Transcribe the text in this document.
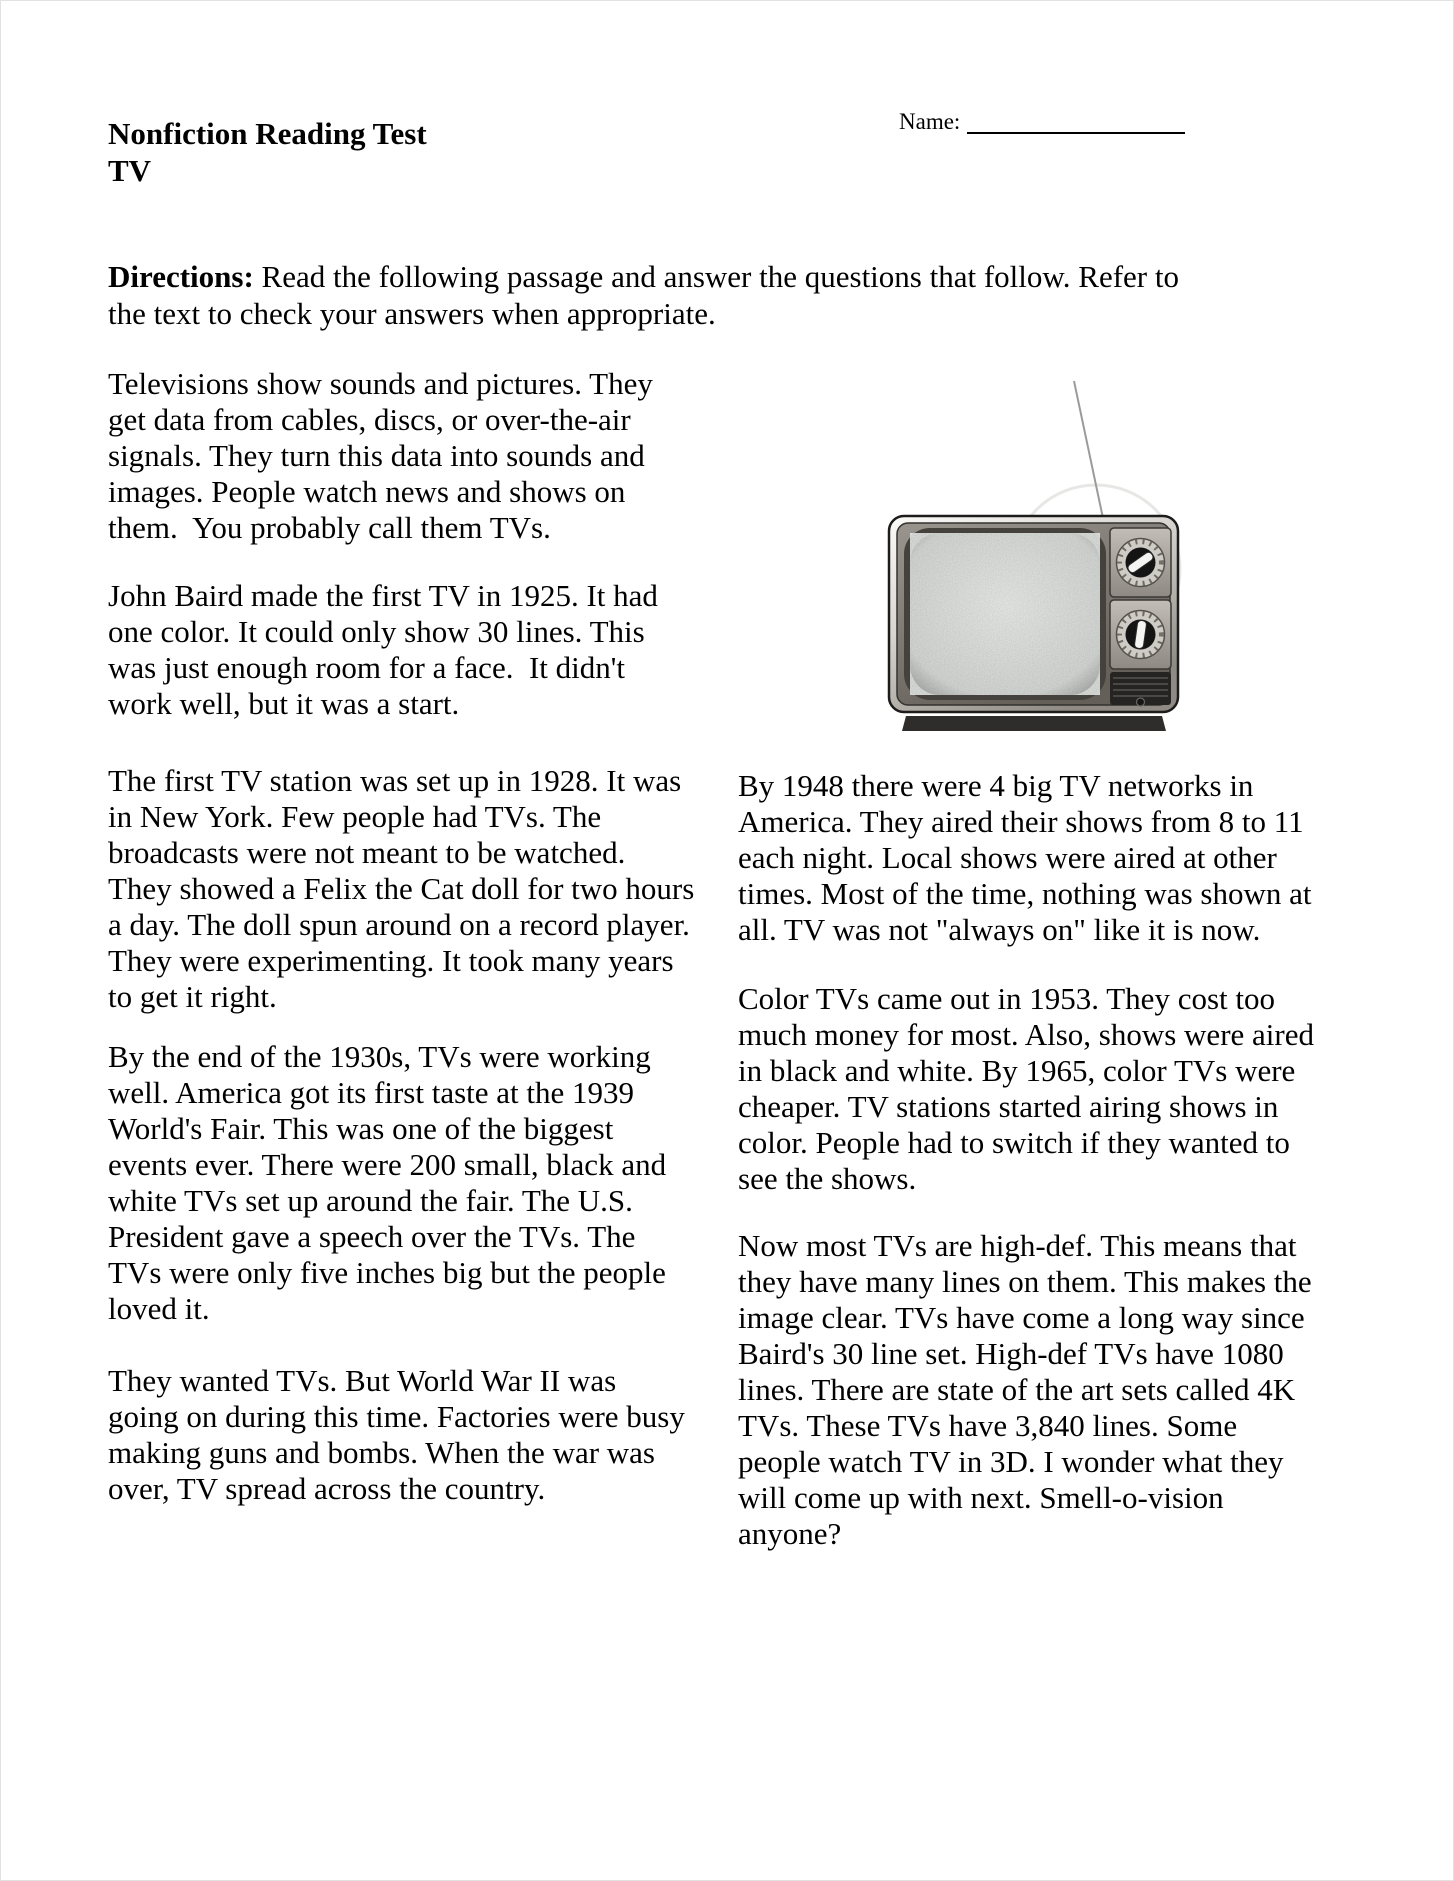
Name:
Nonfiction Reading Test
TV
Directions: Read the following passage and answer the questions that follow. Refer to
the text to check your answers when appropriate.
Televisions show sounds and pictures. They
get data from cables, discs, or over-the-air
signals. They turn this data into sounds and
images. People watch news and shows on
them.  You probably call them TVs.
John Baird made the first TV in 1925. It had
one color. It could only show 30 lines. This
was just enough room for a face.  It didn't
work well, but it was a start.
The first TV station was set up in 1928. It was
in New York. Few people had TVs. The
broadcasts were not meant to be watched.
They showed a Felix the Cat doll for two hours
a day. The doll spun around on a record player.
They were experimenting. It took many years
to get it right.
By the end of the 1930s, TVs were working
well. America got its first taste at the 1939
World's Fair. This was one of the biggest
events ever. There were 200 small, black and
white TVs set up around the fair. The U.S.
President gave a speech over the TVs. The
TVs were only five inches big but the people
loved it.
They wanted TVs. But World War II was
going on during this time. Factories were busy
making guns and bombs. When the war was
over, TV spread across the country.
By 1948 there were 4 big TV networks in
America. They aired their shows from 8 to 11
each night. Local shows were aired at other
times. Most of the time, nothing was shown at
all. TV was not "always on" like it is now.
Color TVs came out in 1953. They cost too
much money for most. Also, shows were aired
in black and white. By 1965, color TVs were
cheaper. TV stations started airing shows in
color. People had to switch if they wanted to
see the shows.
Now most TVs are high-def. This means that
they have many lines on them. This makes the
image clear. TVs have come a long way since
Baird's 30 line set. High-def TVs have 1080
lines. There are state of the art sets called 4K
TVs. These TVs have 3,840 lines. Some
people watch TV in 3D. I wonder what they
will come up with next. Smell-o-vision
anyone?
